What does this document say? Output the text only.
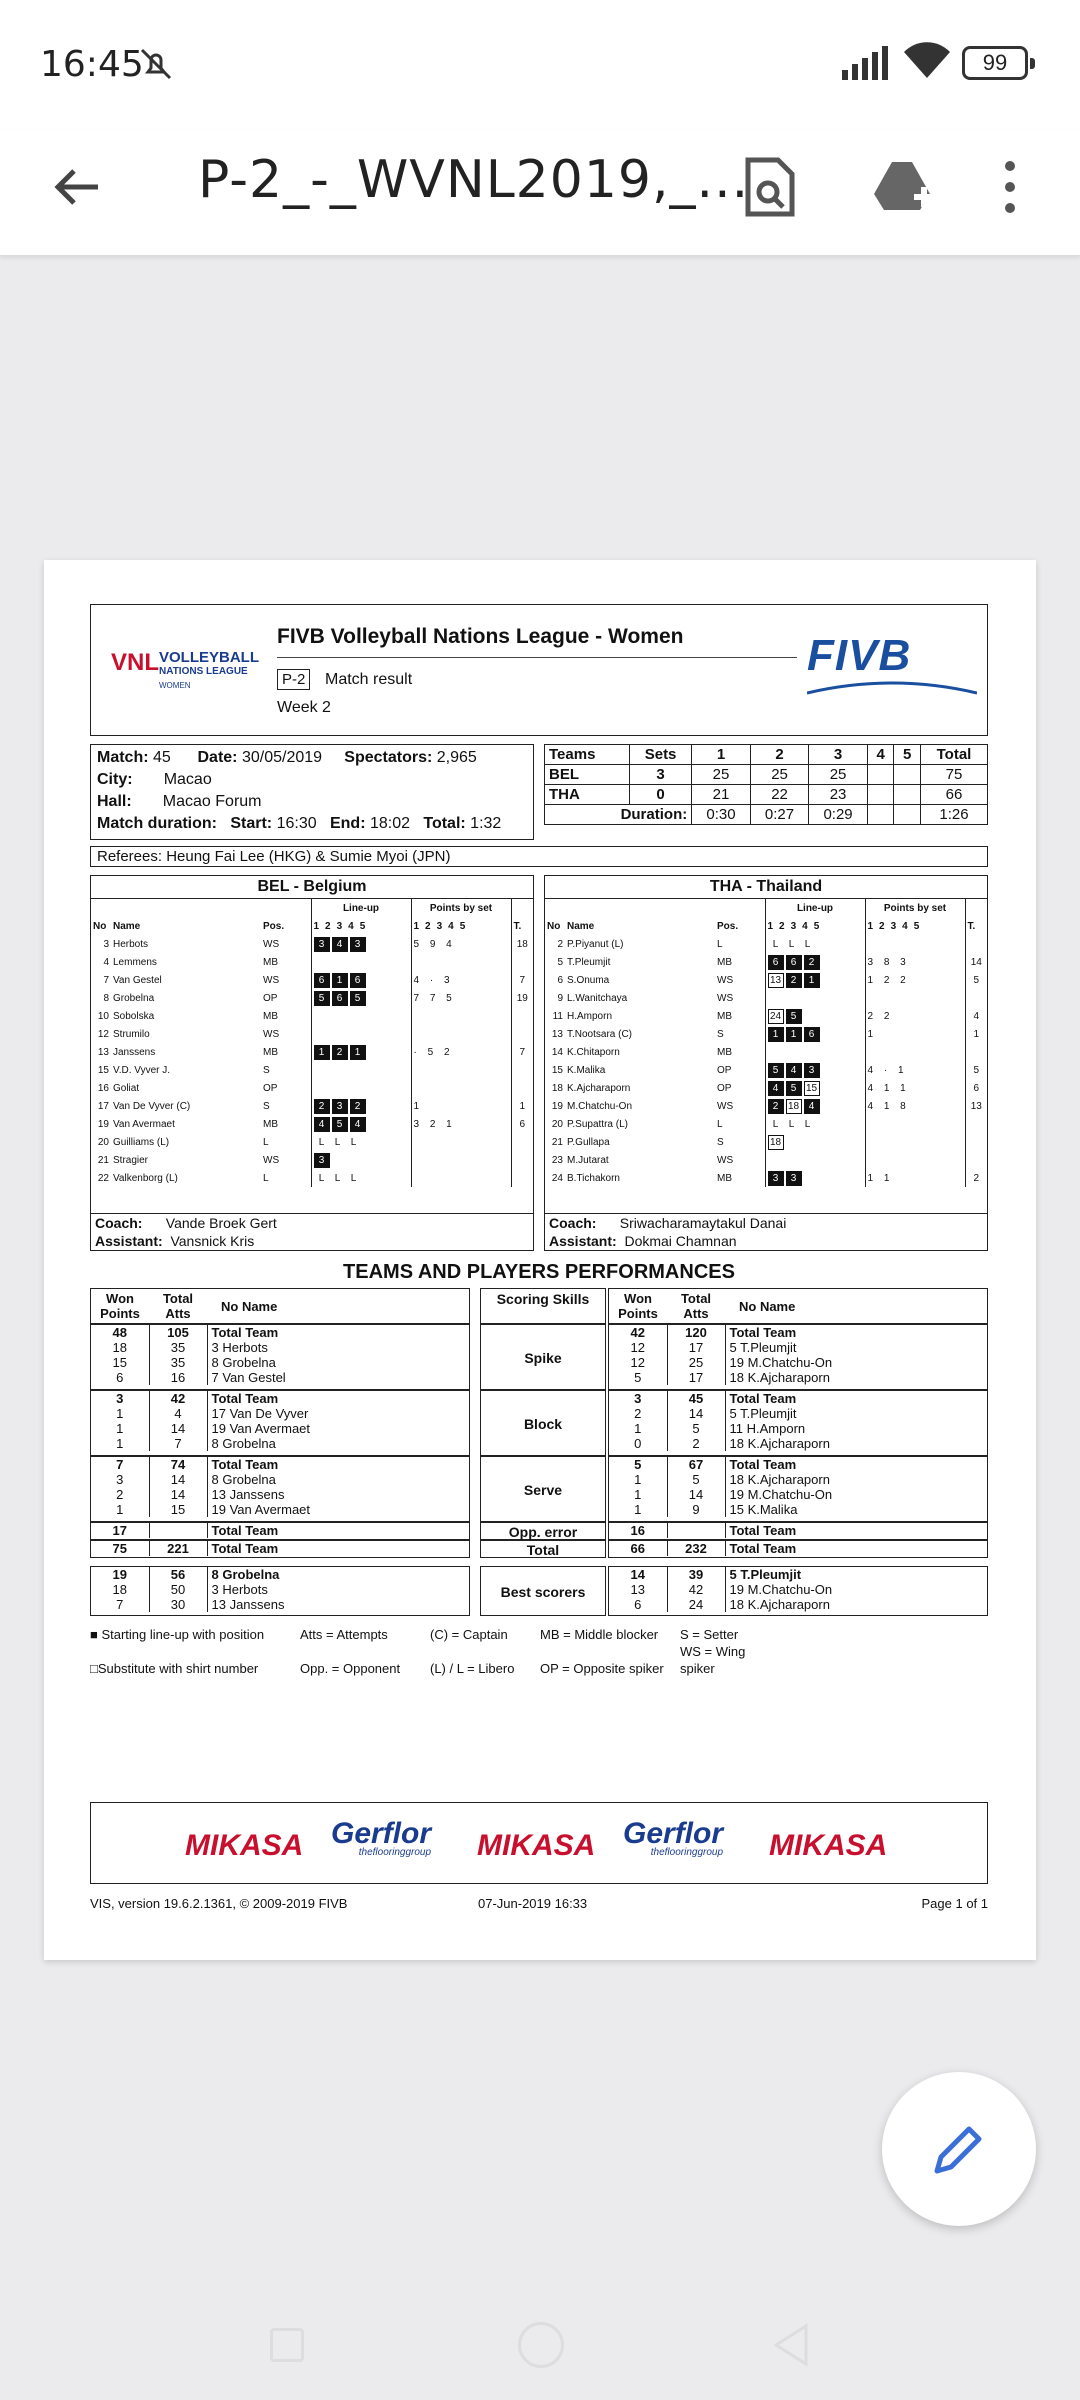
16:45	99
P-2_-_WVNL2019,_...
VNL VOLLEYBALL
NATIONS LEAGUE
WOMEN
FIVB Volleyball Nations League - Women
P-2	Match result
Week 2
FIVB
Match: 45 Date: 30/05/2019 Spectators: 2,965
City: Macao
Hall: Macao Forum
Match duration: Start: 16:30 End: 18:02 Total: 1:32
Teams	Sets	1	2	3	4	5	Total
BEL	3	25	25	25			75
THA	0	21	22	23			66
Duration:		0:30	0:27	0:29			1:26
Referees: Heung Fai Lee (HKG) & Sumie Myoi (JPN)
BEL - Belgium
			Line-up	Points by set	
No	Name	Pos.	12345	12345	T.
3	Herbots	WS	3 4 3	5 9 4	18
4	Lemmens	MB			
7	Van Gestel	WS	6 1 6	4 · 3	7
8	Grobelna	OP	5 6 5	7 7 5	19
10	Sobolska	MB			
12	Strumilo	WS			
13	Janssens	MB	1 2 1	· 5 2	7
15	V.D. Vyver J.	S			
16	Goliat	OP			
17	Van De Vyver (C)	S	2 3 2	1	1
19	Van Avermaet	MB	4 5 4	3 2 1	6
20	Guilliams (L)	L	L L L		
21	Stragier	WS	3		
22	Valkenborg (L)	L	L L L		
Coach:      Vande Broek Gert
Assistant:  Vansnick Kris
THA - Thailand
			Line-up	Points by set	
No	Name	Pos.	12345	12345	T.
2	P.Piyanut (L)	L	L L L		
5	T.Pleumjit	MB	6 6 2	3 8 3	14
6	S.Onuma	WS	13 2 1	1 2 2	5
9	L.Wanitchaya	WS			
11	H.Amporn	MB	24 5	2 2	4
13	T.Nootsara (C)	S	1 1 6	1	1
14	K.Chitaporn	MB			
15	K.Malika	OP	5 4 3	4 · 1	5
18	K.Ajcharaporn	OP	4 5 15	4 1 1	6
19	M.Chatchu-On	WS	2 18 4	4 1 8	13
20	P.Supattra (L)	L	L L L		
21	P.Gullapa	S	18		
23	M.Jutarat	WS			
24	B.Tichakorn	MB	3 3	1 1	2
Coach:      Sriwacharamaytakul Danai
Assistant:  Dokmai Chamnan
TEAMS AND PLAYERS PERFORMANCES
Won Points
Total Atts	No Name	Scoring Skills	Won Points
Total Atts	No Name
48	105	Total Team
18	35	3 Herbots
15	35	8 Grobelna
6	16	7 Van Gestel
Spike
42	120	Total Team
12	17	5 T.Pleumjit
12	25	19 M.Chatchu-On
5	17	18 K.Ajcharaporn
3	42	Total Team
1	4	17 Van De Vyver
1	14	19 Van Avermaet
1	7	8 Grobelna
Block
3	45	Total Team
2	14	5 T.Pleumjit
1	5	11 H.Amporn
0	2	18 K.Ajcharaporn
7	74	Total Team
3	14	8 Grobelna
2	14	13 Janssens
1	15	19 Van Avermaet
Serve
5	67	Total Team
1	5	18 K.Ajcharaporn
1	14	19 M.Chatchu-On
1	9	15 K.Malika
17		Total Team	Opp. error	16		Total Team
75	221	Total Team	Total	66	232	Total Team
19	56	8 Grobelna
18	50	3 Herbots
7	30	13 Janssens
Best scorers
14	39	5 T.Pleumjit
13	42	19 M.Chatchu-On
6	24	18 K.Ajcharaporn
■ Starting line-up with position	Atts = Attempts	(C) = Captain MB = Middle blocker S = Setter
□Substitute with shirt number	Opp. = Opponent (L) / L = Libero OP = Opposite spikerWS = Wing spiker
MIKASA Gerflor
theflooringgroup MIKASA Gerflor
theflooringgroup MIKASA
VIS, version 19.6.2.1361, © 2009-2019 FIVB	07-Jun-2019 16:33	Page 1 of 1
